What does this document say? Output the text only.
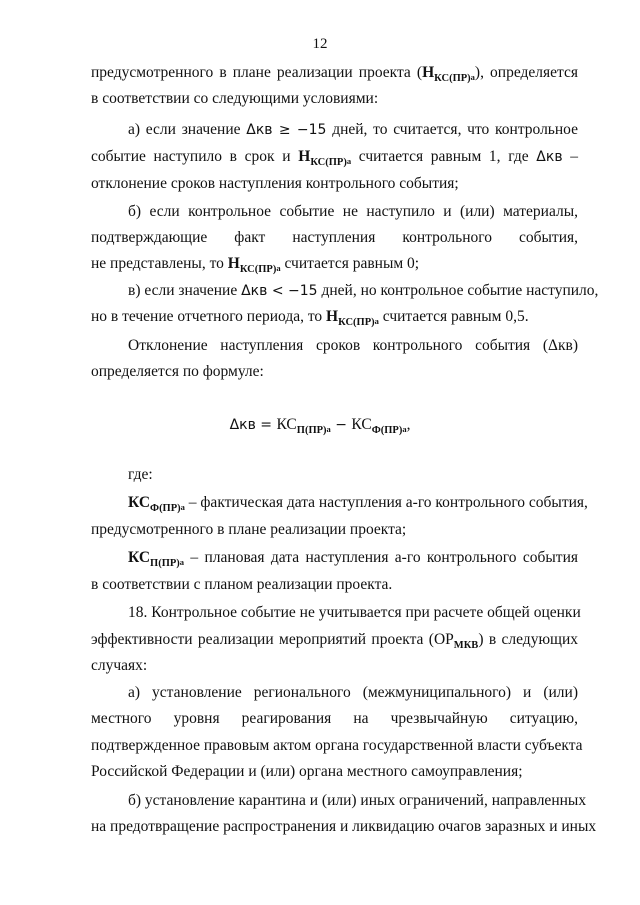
12
предусмотренного в плане реализации проекта $(Н_{КС(ПР)}а)$, определяется
в соответствии со следующими условиями:
а) если значение Δкв ≥ −15 дней, то считается, что контрольное
событие наступило в срок и $Н_{КС(ПР)}а$ считается равным 1, где Δкв –
отклонение сроков наступления контрольного события;
б) если контрольное событие не наступило и (или) материалы,
подтверждающие факт наступления контрольного события,
не представлены, то $Н_{КС(ПР)}а$ считается равным 0;
в) если значение Δкв < −15 дней, но контрольное событие наступило,
но в течение отчетного периода, то $Н_{КС(ПР)}а$ считается равным 0,5.
Отклонение наступления сроков контрольного события (Δкв)
определяется по формуле:
$\Delta кв = КС_{П(ПР)}а - КС_{Ф(ПР)}а$,
где:
$КС_{Ф(ПР)}а$ – фактическая дата наступления а-го контрольного события,
предусмотренного в плане реализации проекта;
$КС_{П(ПР)}а$ – плановая дата наступления а-го контрольного события
в соответствии с планом реализации проекта.
18. Контрольное событие не учитывается при расчете общей оценки
эффективности реализации мероприятий проекта $(ОР_{МКВ})$ в следующих
случаях:
а) установление регионального (межмуниципального) и (или)
местного уровня реагирования на чрезвычайную ситуацию,
подтвержденное правовым актом органа государственной власти субъекта
Российской Федерации и (или) органа местного самоуправления;
б) установление карантина и (или) иных ограничений, направленных
на предотвращение распространения и ликвидацию очагов заразных и иных
